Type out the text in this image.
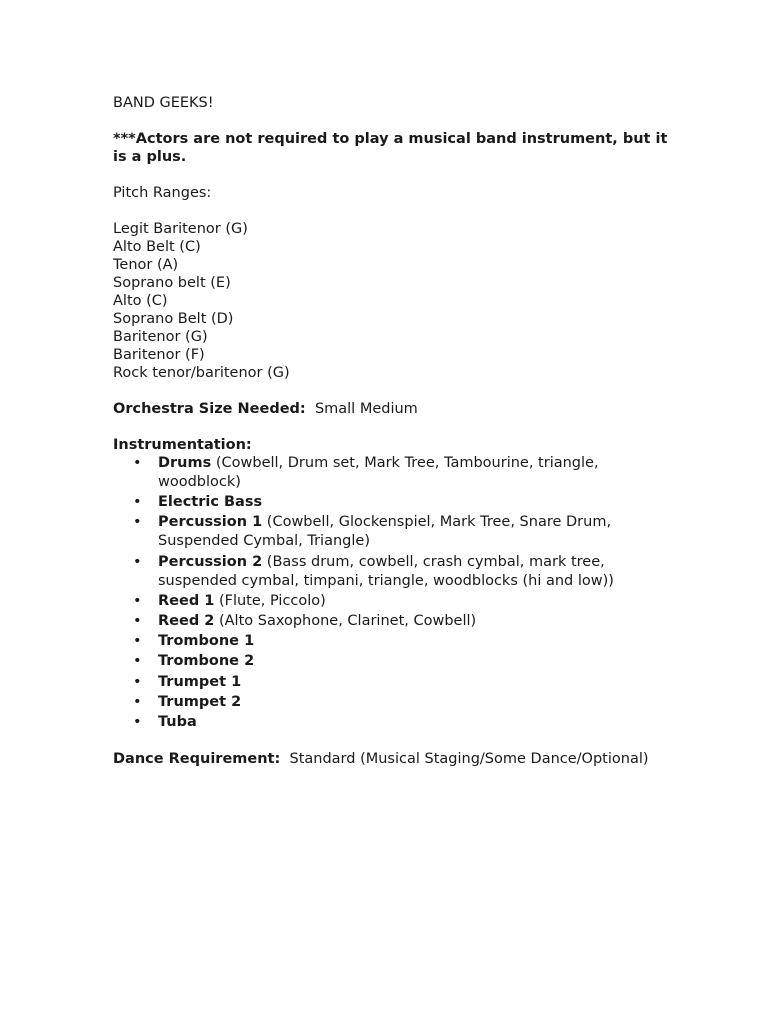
BAND GEEKS!

***Actors are not required to play a musical band instrument, but it is a plus.

Pitch Ranges:

Legit Baritenor (G)

Alto Belt (C)

Tenor (A)

Soprano belt (E)

Alto (C)

Soprano Belt (D)

Baritenor (G)

Baritenor (F)

Rock tenor/baritenor (G)

Orchestra Size Needed: Small Medium

Instrumentation:

• Drums (Cowbell, Drum set, Mark Tree, Tambourine, triangle, woodblock)
• Electric Bass
• Percussion 1 (Cowbell, Glockenspiel, Mark Tree, Snare Drum, Suspended Cymbal, Triangle)
• Percussion 2 (Bass drum, cowbell, crash cymbal, mark tree, suspended cymbal, timpani, triangle, woodblocks (hi and low))
• Reed 1 (Flute, Piccolo)
• Reed 2 (Alto Saxophone, Clarinet, Cowbell)
• Trombone 1
• Trombone 2
• Trumpet 1
• Trumpet 2
• Tuba

Dance Requirement: Standard (Musical Staging/Some Dance/Optional)
